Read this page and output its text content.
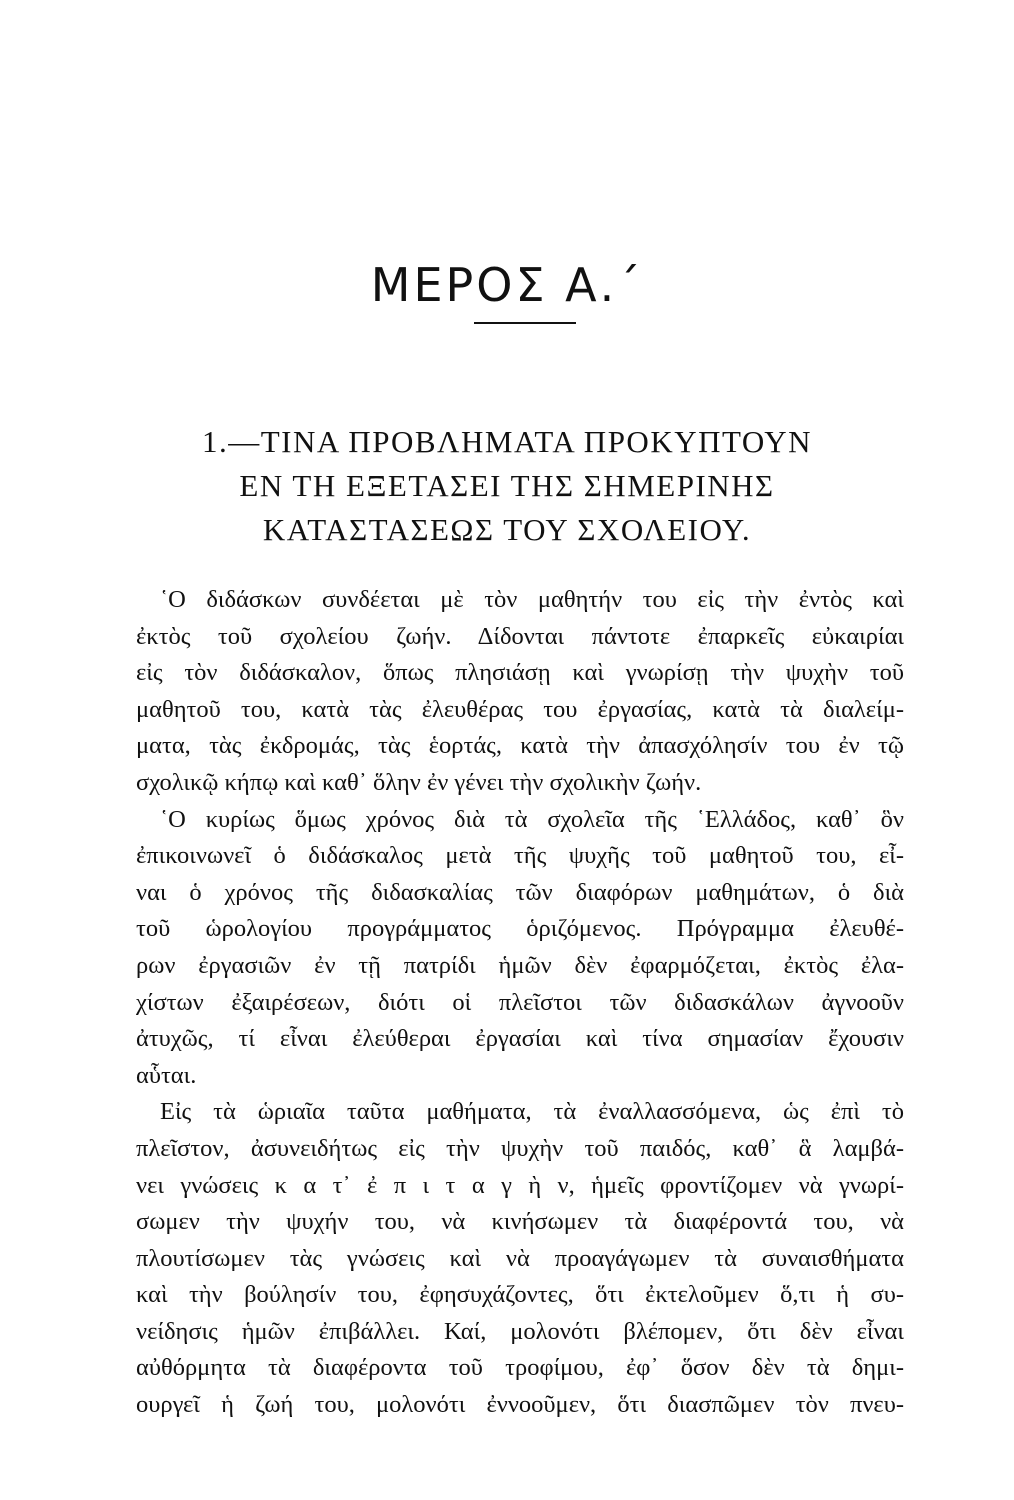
ΜΕΡΟΣ Α.΄
1.—ΤΙΝΑ ΠΡΟΒΛΗΜΑΤΑ ΠΡΟΚΥΠΤΟΥΝ
ΕΝ ΤΗ ΕΞΕΤΑΣΕΙ ΤΗΣ ΣΗΜΕΡΙΝΗΣ
ΚΑΤΑΣΤΑΣΕΩΣ ΤΟΥ ΣΧΟΛΕΙΟΥ.
῾Ο διδάσκων συνδέεται μὲ τὸν μαθητήν του εἰς τὴν ἐντὸς καὶ
ἐκτὸς τοῦ σχολείου ζωήν. Δίδονται πάντοτε ἐπαρκεῖς εὐκαιρίαι
εἰς τὸν διδάσκαλον, ὅπως πλησιάσῃ καὶ γνωρίσῃ τὴν ψυχὴν τοῦ
μαθητοῦ του, κατὰ τὰς ἐλευθέρας του ἐργασίας, κατὰ τὰ διαλείμ-
ματα, τὰς ἐκδρομάς, τὰς ἑορτάς, κατὰ τὴν ἀπασχόλησίν του ἐν τῷ
σχολικῷ κήπῳ καὶ καθ᾿ ὅλην ἐν γένει τὴν σχολικὴν ζωήν.
῾Ο κυρίως ὅμως χρόνος διὰ τὰ σχολεῖα τῆς ῾Ελλάδος, καθ᾿ ὃν
ἐπικοινωνεῖ ὁ διδάσκαλος μετὰ τῆς ψυχῆς τοῦ μαθητοῦ του, εἶ-
ναι ὁ χρόνος τῆς διδασκαλίας τῶν διαφόρων μαθημάτων, ὁ διὰ
τοῦ ὡρολογίου προγράμματος ὁριζόμενος. Πρόγραμμα ἐλευθέ-
ρων ἐργασιῶν ἐν τῇ πατρίδι ἡμῶν δὲν ἐφαρμόζεται, ἐκτὸς ἐλα-
χίστων ἐξαιρέσεων, διότι οἱ πλεῖστοι τῶν διδασκάλων ἀγνοοῦν
ἀτυχῶς, τί εἶναι ἐλεύθεραι ἐργασίαι καὶ τίνα σημασίαν ἔχουσιν
αὗται.
Εἰς τὰ ὡριαῖα ταῦτα μαθήματα, τὰ ἐναλλασσόμενα, ὡς ἐπὶ τὸ
πλεῖστον, ἀσυνειδήτως εἰς τὴν ψυχὴν τοῦ παιδός, καθ᾿ ἃ λαμβά-
νει γνώσεις κ α τ᾿ ἐ π ι τ α γ ὴ ν, ἡμεῖς φροντίζομεν νὰ γνωρί-
σωμεν τὴν ψυχήν του, νὰ κινήσωμεν τὰ διαφέροντά του, νὰ
πλουτίσωμεν τὰς γνώσεις καὶ νὰ προαγάγωμεν τὰ συναισθήματα
καὶ τὴν βούλησίν του, ἐφησυχάζοντες, ὅτι ἐκτελοῦμεν ὅ,τι ἡ συ-
νείδησις ἡμῶν ἐπιβάλλει. Καί, μολονότι βλέπομεν, ὅτι δὲν εἶναι
αὐθόρμητα τὰ διαφέροντα τοῦ τροφίμου, ἐφ᾿ ὅσον δὲν τὰ δημι-
ουργεῖ ἡ ζωή του, μολονότι ἐννοοῦμεν, ὅτι διασπῶμεν τὸν πνευ-
